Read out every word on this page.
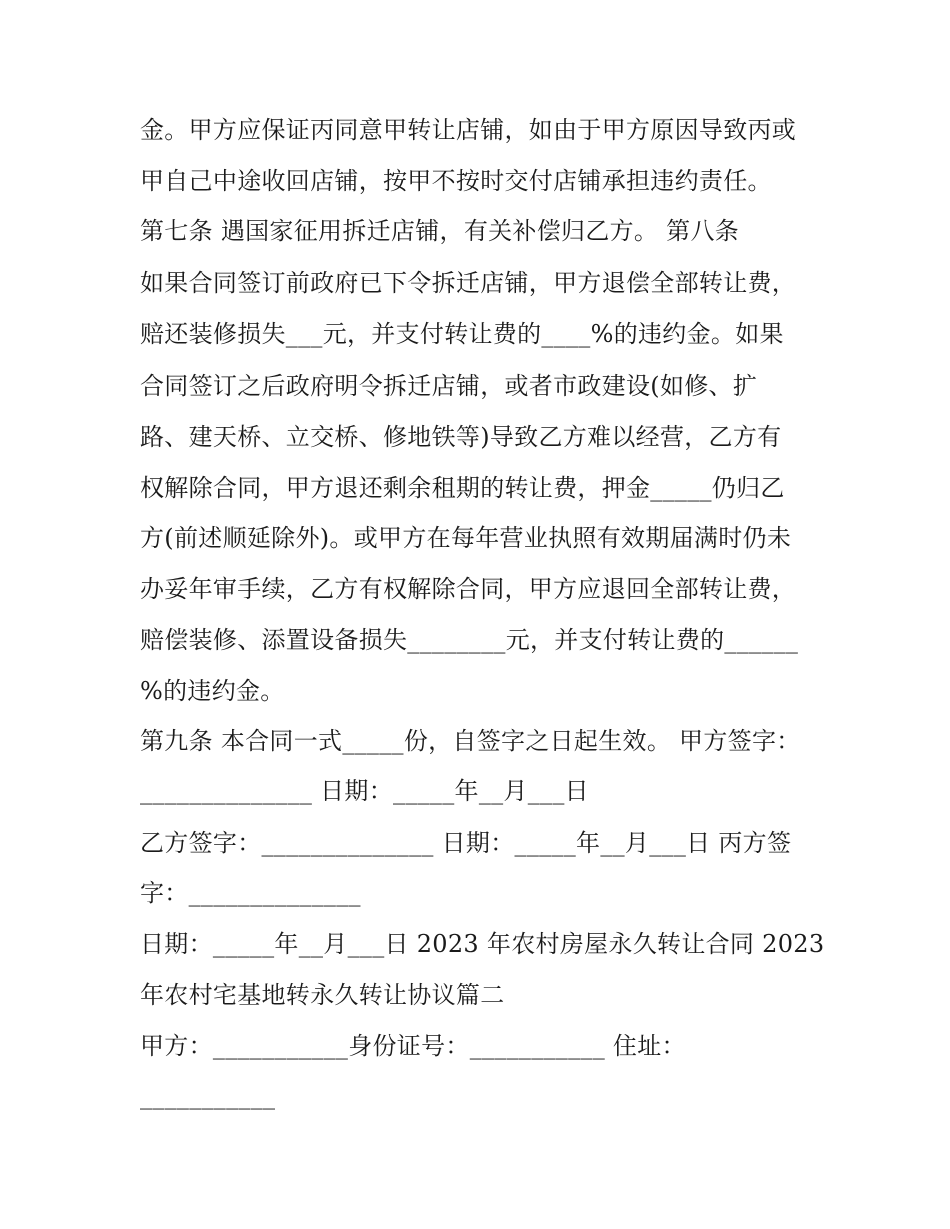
金。甲方应保证丙同意甲转让店铺，如由于甲方原因导致丙或
甲自己中途收回店铺，按甲不按时交付店铺承担违约责任。
第七条 遇国家征用拆迁店铺，有关补偿归乙方。 第八条
如果合同签订前政府已下令拆迁店铺，甲方退偿全部转让费，
赔还装修损失___元，并支付转让费的____%的违约金。如果
合同签订之后政府明令拆迁店铺，或者市政建设(如修、扩
路、建天桥、立交桥、修地铁等)导致乙方难以经营，乙方有
权解除合同，甲方退还剩余租期的转让费，押金_____仍归乙
方(前述顺延除外)。或甲方在每年营业执照有效期届满时仍未
办妥年审手续，乙方有权解除合同，甲方应退回全部转让费，
赔偿装修、添置设备损失________元，并支付转让费的______
%的违约金。
第九条 本合同一式_____份，自签字之日起生效。 甲方签字：
______________ 日期：_____年__月___日
乙方签字：______________ 日期：_____年__月___日 丙方签
字：______________
日期：_____年__月___日 2023 年农村房屋永久转让合同 2023
年农村宅基地转永久转让协议篇二
甲方：___________身份证号：___________ 住址：
___________
